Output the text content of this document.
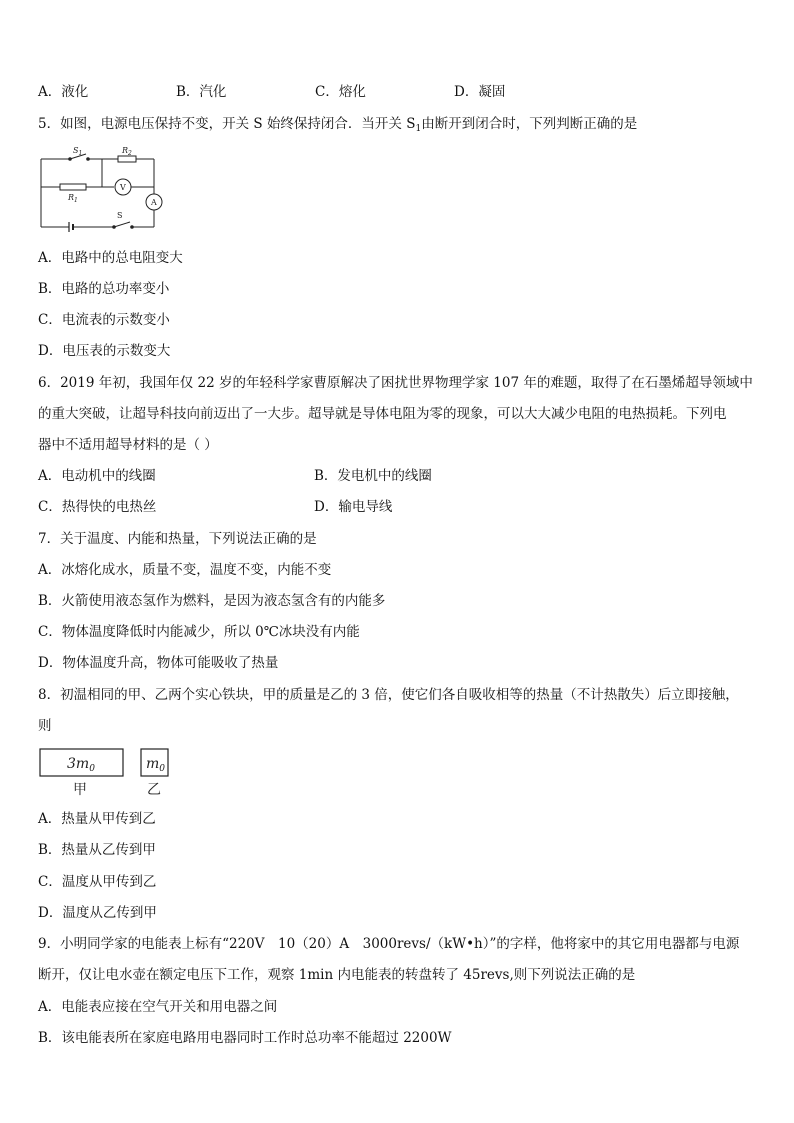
A．液化	B．汽化	C．熔化	D．凝固
5．如图，电源电压保持不变，开关 S 始终保持闭合．当开关 $S_1$由断开到闭合时，下列判断正确的是
$S_1$	$R_2$
$R_1$
V
A
S
A．电路中的总电阻变大
B．电路的总功率变小
C．电流表的示数变小
D．电压表的示数变大
6．2019 年初，我国年仅 22 岁的年轻科学家曹原解决了困扰世界物理学家 107 年的难题，取得了在石墨烯超导领域中
的重大突破，让超导科技向前迈出了一大步。超导就是导体电阻为零的现象，可以大大减少电阻的电热损耗。下列电
器中不适用超导材料的是（ ）
A．电动机中的线圈	B．发电机中的线圈
C．热得快的电热丝	D．输电导线
7．关于温度、内能和热量，下列说法正确的是
A．冰熔化成水，质量不变，温度不变，内能不变
B．火箭使用液态氢作为燃料，是因为液态氢含有的内能多
C．物体温度降低时内能减少，所以 0℃冰块没有内能
D．物体温度升高，物体可能吸收了热量
8．初温相同的甲、乙两个实心铁块，甲的质量是乙的 3 倍，使它们各自吸收相等的热量（不计热散失）后立即接触，
则
$3m_0$	$m_0$
甲	乙
A．热量从甲传到乙
B．热量从乙传到甲
C．温度从甲传到乙
D．温度从乙传到甲
9．小明同学家的电能表上标有“220V　10（20）A　3000revs/（kW•h）”的字样，他将家中的其它用电器都与电源
断开，仅让电水壶在额定电压下工作，观察 1min 内电能表的转盘转了 45revs,则下列说法正确的是
A．电能表应接在空气开关和用电器之间
B．该电能表所在家庭电路用电器同时工作时总功率不能超过 2200W
